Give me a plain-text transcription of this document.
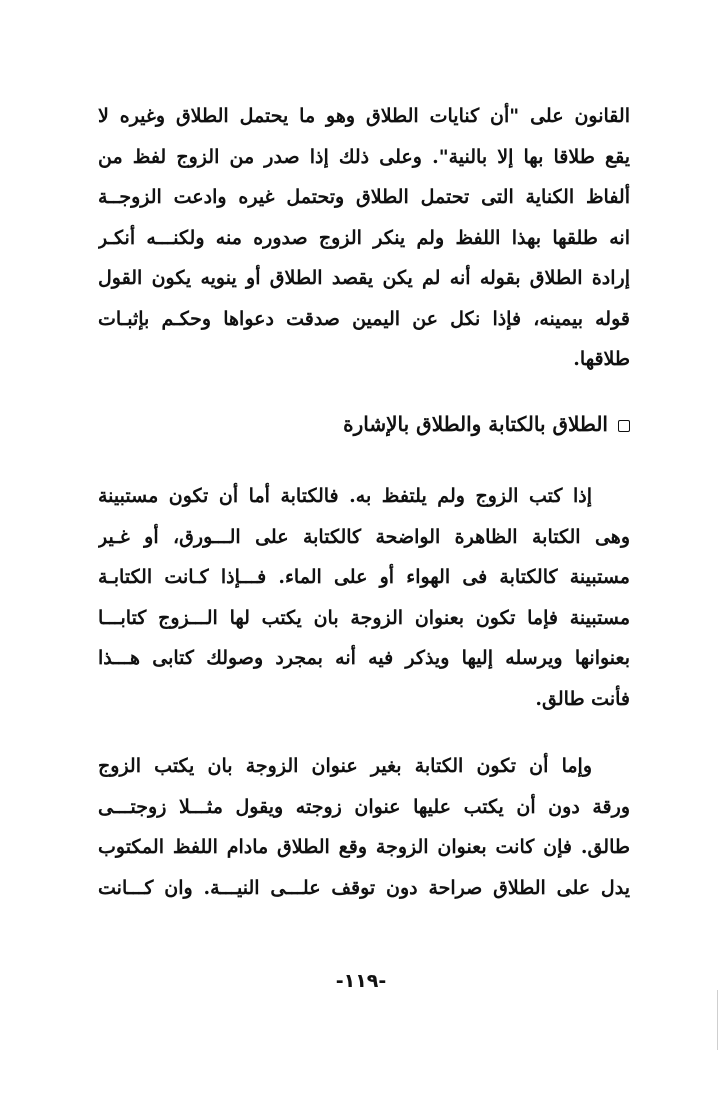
القانون على "أن كنايات الطلاق وهو ما يحتمل الطلاق وغيره لا
يقع طلاقا بها إلا بالنية". وعلى ذلك إذا صدر من الزوج لفظ من
ألفاظ الكناية التى تحتمل الطلاق وتحتمل غيره وادعت الزوجــة
انه طلقها بهذا اللفظ ولم ينكر الزوج صدوره منه ولكنـــه أنكـر
إرادة الطلاق بقوله أنه لم يكن يقصد الطلاق أو ينويه يكون القول
قوله بيمينه، فإذا نكل عن اليمين صدقت دعواها وحكـم بإثبـات
طلاقها.
الطلاق بالكتابة والطلاق بالإشارة
إذا كتب الزوج ولم يلتفظ به. فالكتابة أما أن تكون مستبينة
وهى الكتابة الظاهرة الواضحة كالكتابة على الـــورق، أو غـير
مستبينة كالكتابة فى الهواء أو على الماء. فـــإذا كـانت الكتابـة
مستبينة فإما تكون بعنوان الزوجة بان يكتب لها الـــزوج كتابـــا
بعنوانها ويرسله إليها ويذكر فيه أنه بمجرد وصولك كتابى هـــذا
فأنت طالق.
وإما أن تكون الكتابة بغير عنوان الزوجة بان يكتب الزوج
ورقة دون أن يكتب عليها عنوان زوجته ويقول مثـــلا زوجتـــى
طالق. فإن كانت بعنوان الزوجة وقع الطلاق مادام اللفظ المكتوب
يدل على الطلاق صراحة دون توقف علـــى النيـــة. وان كـــانت
-١١٩-
